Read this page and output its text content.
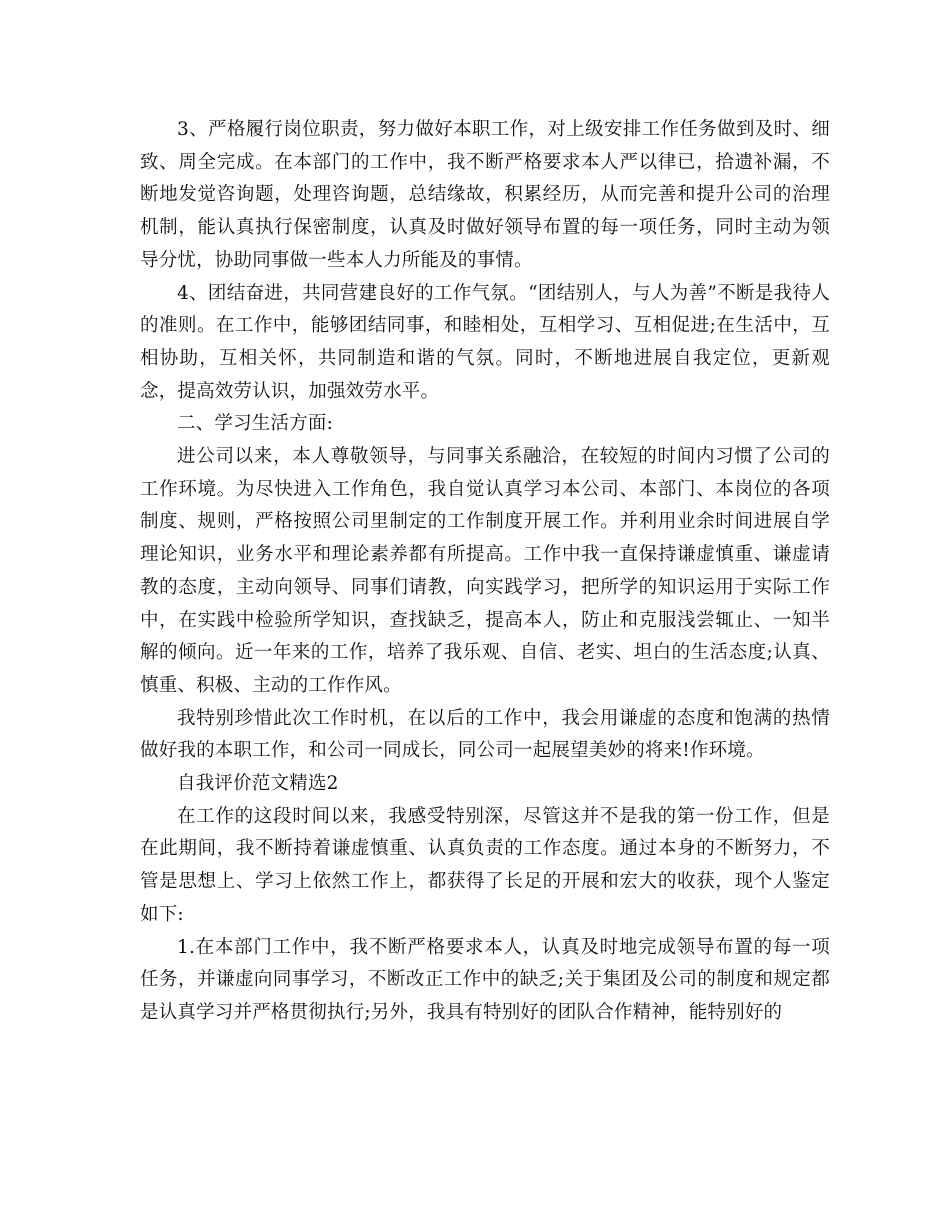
3、严格履行岗位职责，努力做好本职工作，对上级安排工作任务做到及时、细致、周全完成。在本部门的工作中，我不断严格要求本人严以律已，拾遗补漏，不断地发觉咨询题，处理咨询题，总结缘故，积累经历，从而完善和提升公司的治理机制，能认真执行保密制度，认真及时做好领导布置的每一项任务，同时主动为领导分忧，协助同事做一些本人力所能及的事情。

4、团结奋进，共同营建良好的工作气氛。“团结别人，与人为善”不断是我待人的准则。在工作中，能够团结同事，和睦相处，互相学习、互相促进;在生活中，互相协助，互相关怀，共同制造和谐的气氛。同时，不断地进展自我定位，更新观念，提高效劳认识，加强效劳水平。

二、学习生活方面:

进公司以来，本人尊敬领导，与同事关系融洽，在较短的时间内习惯了公司的工作环境。为尽快进入工作角色，我自觉认真学习本公司、本部门、本岗位的各项制度、规则，严格按照公司里制定的工作制度开展工作。并利用业余时间进展自学理论知识，业务水平和理论素养都有所提高。工作中我一直保持谦虚慎重、谦虚请教的态度，主动向领导、同事们请教，向实践学习，把所学的知识运用于实际工作中，在实践中检验所学知识，查找缺乏，提高本人，防止和克服浅尝辄止、一知半解的倾向。近一年来的工作，培养了我乐观、自信、老实、坦白的生活态度;认真、慎重、积极、主动的工作作风。

我特别珍惜此次工作时机，在以后的工作中，我会用谦虚的态度和饱满的热情做好我的本职工作，和公司一同成长，同公司一起展望美妙的将来!作环境。

自我评价范文精选2

在工作的这段时间以来，我感受特别深，尽管这并不是我的第一份工作，但是在此期间，我不断持着谦虚慎重、认真负责的工作态度。通过本身的不断努力，不管是思想上、学习上依然工作上，都获得了长足的开展和宏大的收获，现个人鉴定如下:

1.在本部门工作中，我不断严格要求本人，认真及时地完成领导布置的每一项任务，并谦虚向同事学习，不断改正工作中的缺乏;关于集团及公司的制度和规定都是认真学习并严格贯彻执行;另外，我具有特别好的团队合作精神，能特别好的
